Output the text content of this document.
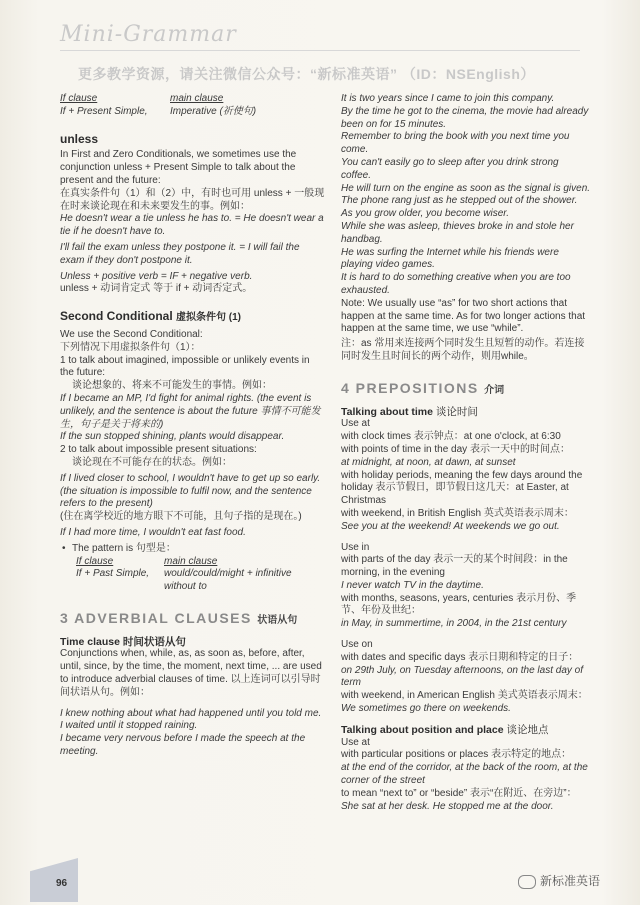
Mini-Grammar
更多教学资源，请关注微信公众号：“新标准英语” （ID：NSEnglish）
If clause	main clause
If + Present Simple,	Imperative (祈使句)

unless

In First and Zero Conditionals, we sometimes use the conjunction unless + Present Simple to talk about the present and the future:

在真实条件句（1）和（2）中，有时也可用 unless + 一般现在时来谈论现在和未来要发生的事。例如：

He doesn't wear a tie unless he has to. = He doesn't wear a tie if he doesn't have to.

I'll fail the exam unless they postpone it. = I will fail the exam if they don't postpone it.

Unless + positive verb = IF + negative verb.

unless + 动词肯定式 等于 if + 动词否定式。

Second Conditional 虚拟条件句 (1)

We use the Second Conditional:

下列情况下用虚拟条件句（1）：

1 to talk about imagined, impossible or unlikely events in the future:

谈论想象的、将来不可能发生的事情。例如：

If I became an MP, I'd fight for animal rights. (the event is unlikely, and the sentence is about the future 事情不可能发生，句子是关于将来的)

If the sun stopped shining, plants would disappear.

2 to talk about impossible present situations:

谈论现在不可能存在的状态。例如：

If I lived closer to school, I wouldn't have to get up so early. (the situation is impossible to fulfil now, and the sentence refers to the present)

(住在离学校近的地方眼下不可能，且句子指的是现在。)

If I had more time, I wouldn't eat fast food.

• The pattern is 句型是：

If clause	main clause
If + Past Simple,	would/could/might + infinitive without to

3 ADVERBIAL CLAUSES 状语从句

Time clause 时间状语从句

Conjunctions when, while, as, as soon as, before, after, until, since, by the time, the moment, next time, ... are used to introduce adverbial clauses of time. 以上连词可以引导时间状语从句。例如：

I knew nothing about what had happened until you told me.

I waited until it stopped raining.

I became very nervous before I made the speech at the meeting.

It is two years since I came to join this company.

By the time he got to the cinema, the movie had already been on for 15 minutes.

Remember to bring the book with you next time you come.

You can't easily go to sleep after you drink strong coffee.

He will turn on the engine as soon as the signal is given.

The phone rang just as he stepped out of the shower.

As you grow older, you become wiser.

While she was asleep, thieves broke in and stole her handbag.

He was surfing the Internet while his friends were playing video games.

It is hard to do something creative when you are too exhausted.

Note: We usually use “as” for two short actions that happen at the same time. As for two longer actions that happen at the same time, we use “while”.

注：as 常用来连接两个同时发生且短暂的动作。若连接同时发生且时间长的两个动作，则用while。

4 PREPOSITIONS 介词

Talking about time 谈论时间

Use at

with clock times 表示钟点：at one o'clock, at 6:30

with points of time in the day 表示一天中的时间点：

at midnight, at noon, at dawn, at sunset

with holiday periods, meaning the few days around the holiday 表示节假日，即节假日这几天：at Easter, at Christmas

with weekend, in British English 英式英语表示周末：

See you at the weekend! At weekends we go out.

Use in

with parts of the day 表示一天的某个时间段：in the morning, in the evening

I never watch TV in the daytime.

with months, seasons, years, centuries 表示月份、季节、年份及世纪：

in May, in summertime, in 2004, in the 21st century

Use on

with dates and specific days 表示日期和特定的日子：

on 29th July, on Tuesday afternoons, on the last day of term

with weekend, in American English 美式英语表示周末：

We sometimes go there on weekends.

Talking about position and place 谈论地点

Use at

with particular positions or places 表示特定的地点：

at the end of the corridor, at the back of the room, at the corner of the street

to mean “next to” or “beside” 表示“在附近、在旁边”：

She sat at her desk. He stopped me at the door.

96	新标准英语
